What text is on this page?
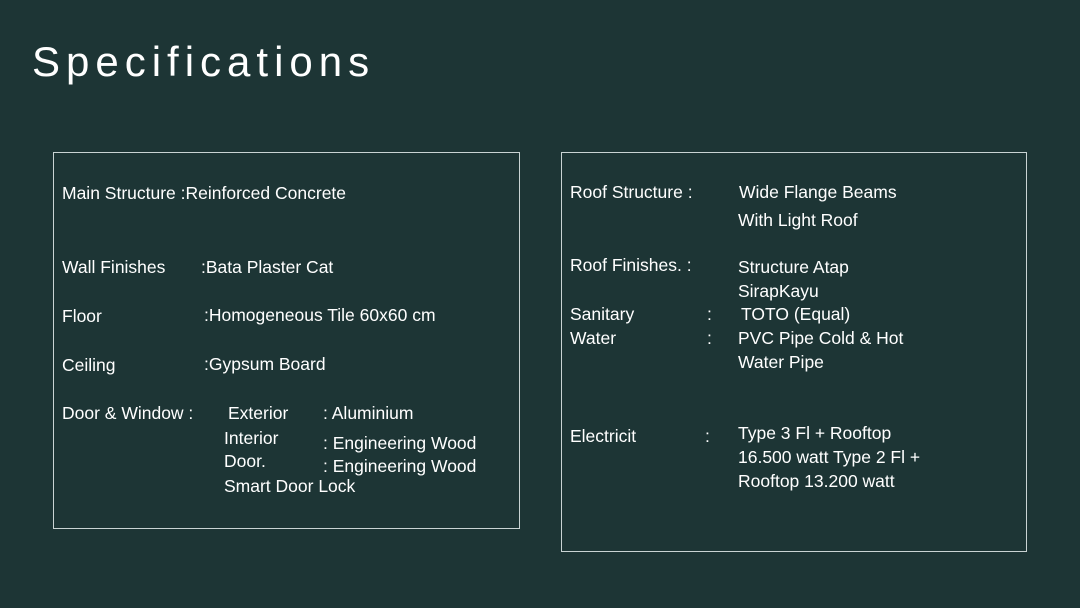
Specifications
Main Structure :Reinforced Concrete
Wall Finishes :Bata Plaster Cat
Floor	:Homogeneous Tile 60x60 cm
Ceiling	:Gypsum Board
Door & Window : Exterior : Aluminium
Interior	: Engineering Wood
Door.	: Engineering Wood
Smart Door Lock
Roof Structure :	Wide Flange Beams
With Light Roof
Roof Finishes. :	Structure Atap
SirapKayu
Sanitary	: TOTO (Equal)
Water	: PVC Pipe Cold & Hot
Water Pipe
Electricit	: Type 3 Fl + Rooftop
16.500 watt Type 2 Fl +
Rooftop 13.200 watt
